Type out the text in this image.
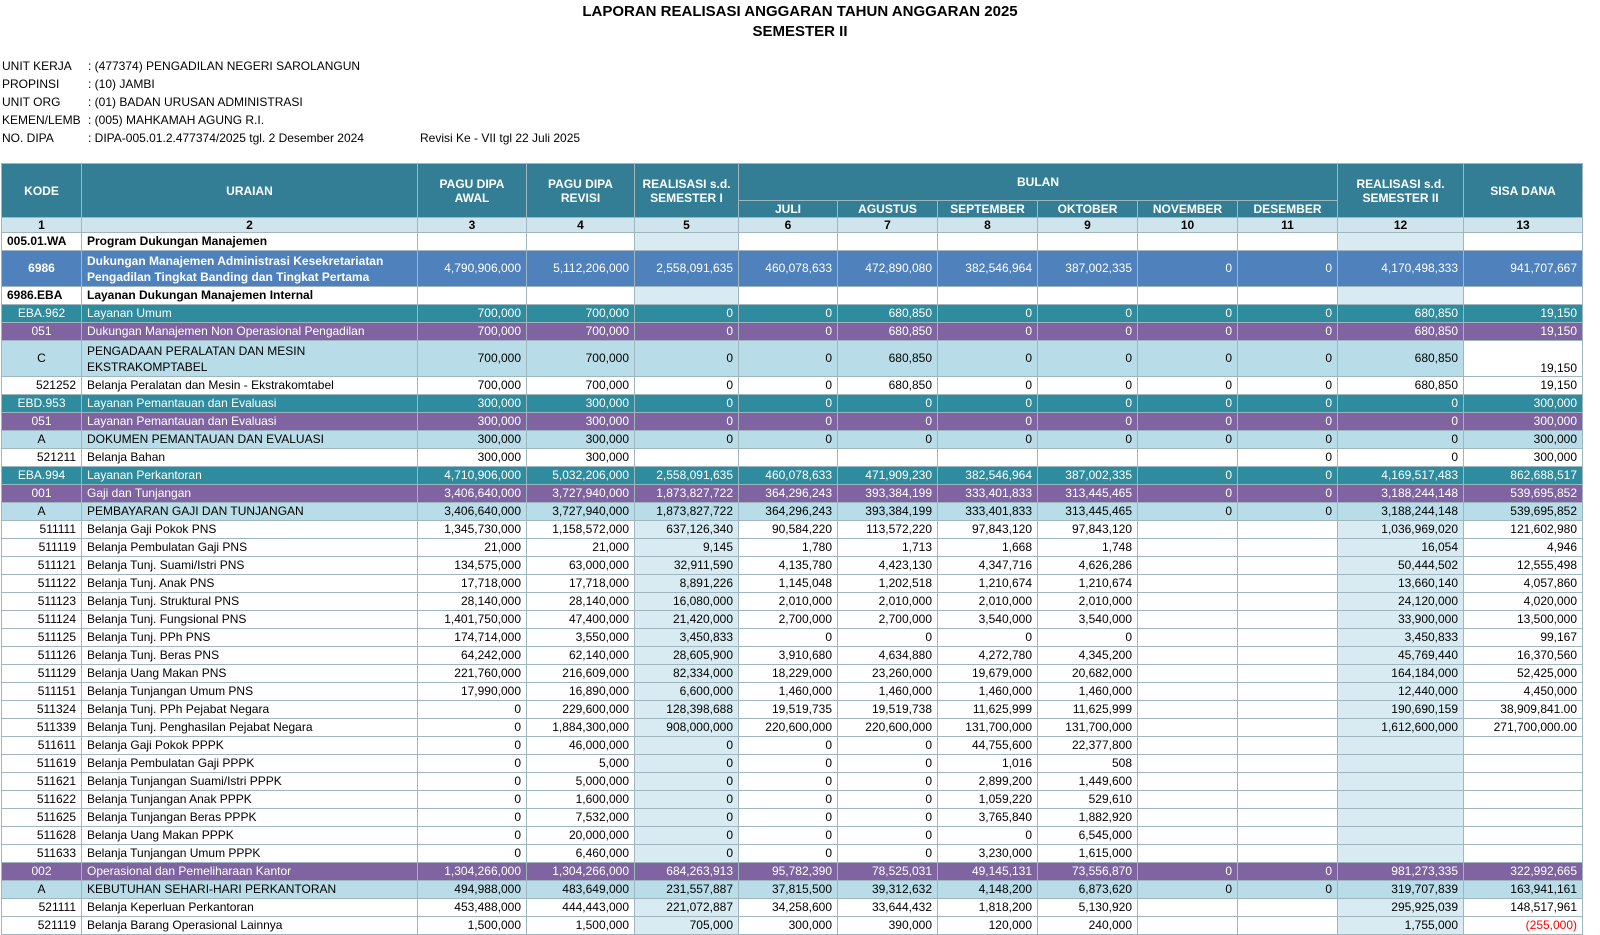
LAPORAN REALISASI ANGGARAN TAHUN ANGGARAN 2025
SEMESTER II
UNIT KERJA	: (477374) PENGADILAN NEGERI SAROLANGUN
PROPINSI	: (10) JAMBI
UNIT ORG	: (01) BADAN URUSAN ADMINISTRASI
KEMEN/LEMB : (005) MAHKAMAH AGUNG R.I.
NO. DIPA	: DIPA-005.01.2.477374/2025 tgl. 2 Desember 2024	Revisi Ke - VII tgl 22 Juli 2025
KODE	URAIAN	PAGU DIPA AWAL	PAGU DIPA REVISI	REALISASI s.d. SEMESTER I	BULAN						REALISASI s.d. SEMESTER II	SISA DANA
					JULI	AGUSTUS	SEPTEMBER	OKTOBER	NOVEMBER	DESEMBER		
1	2	3	4	5	6	7	8	9	10	11	12	13
005.01.WA	Program Dukungan Manajemen											
6986	Dukungan Manajemen Administrasi Kesekretariatan Pengadilan Tingkat Banding dan Tingkat Pertama	4,790,906,000	5,112,206,000	2,558,091,635	460,078,633	472,890,080	382,546,964	387,002,335	0	0	4,170,498,333	941,707,667
6986.EBA	Layanan Dukungan Manajemen Internal											
EBA.962	Layanan Umum	700,000	700,000	0	0	680,850	0	0	0	0	680,850	19,150
051	Dukungan Manajemen Non Operasional Pengadilan	700,000	700,000	0	0	680,850	0	0	0	0	680,850	19,150
C	PENGADAAN PERALATAN DAN MESIN EKSTRAKOMPTABEL	700,000	700,000	0	0	680,850	0	0	0	0	680,850	19,150
521252	Belanja Peralatan dan Mesin - Ekstrakomtabel	700,000	700,000	0	0	680,850	0	0	0	0	680,850	19,150
EBD.953	Layanan Pemantauan dan Evaluasi	300,000	300,000	0	0	0	0	0	0	0	0	300,000
051	Layanan Pemantauan dan Evaluasi	300,000	300,000	0	0	0	0	0	0	0	0	300,000
A	DOKUMEN PEMANTAUAN DAN EVALUASI	300,000	300,000	0	0	0	0	0	0	0	0	300,000
521211	Belanja Bahan	300,000	300,000							0	0	300,000
EBA.994	Layanan Perkantoran	4,710,906,000	5,032,206,000	2,558,091,635	460,078,633	471,909,230	382,546,964	387,002,335	0	0	4,169,517,483	862,688,517
001	Gaji dan Tunjangan	3,406,640,000	3,727,940,000	1,873,827,722	364,296,243	393,384,199	333,401,833	313,445,465	0	0	3,188,244,148	539,695,852
A	PEMBAYARAN GAJI DAN TUNJANGAN	3,406,640,000	3,727,940,000	1,873,827,722	364,296,243	393,384,199	333,401,833	313,445,465	0	0	3,188,244,148	539,695,852
511111	Belanja Gaji Pokok PNS	1,345,730,000	1,158,572,000	637,126,340	90,584,220	113,572,220	97,843,120	97,843,120			1,036,969,020	121,602,980
511119	Belanja Pembulatan Gaji PNS	21,000	21,000	9,145	1,780	1,713	1,668	1,748			16,054	4,946
511121	Belanja Tunj. Suami/Istri PNS	134,575,000	63,000,000	32,911,590	4,135,780	4,423,130	4,347,716	4,626,286			50,444,502	12,555,498
511122	Belanja Tunj. Anak PNS	17,718,000	17,718,000	8,891,226	1,145,048	1,202,518	1,210,674	1,210,674			13,660,140	4,057,860
511123	Belanja Tunj. Struktural PNS	28,140,000	28,140,000	16,080,000	2,010,000	2,010,000	2,010,000	2,010,000			24,120,000	4,020,000
511124	Belanja Tunj. Fungsional PNS	1,401,750,000	47,400,000	21,420,000	2,700,000	2,700,000	3,540,000	3,540,000			33,900,000	13,500,000
511125	Belanja Tunj. PPh PNS	174,714,000	3,550,000	3,450,833	0	0	0	0			3,450,833	99,167
511126	Belanja Tunj. Beras PNS	64,242,000	62,140,000	28,605,900	3,910,680	4,634,880	4,272,780	4,345,200			45,769,440	16,370,560
511129	Belanja Uang Makan PNS	221,760,000	216,609,000	82,334,000	18,229,000	23,260,000	19,679,000	20,682,000			164,184,000	52,425,000
511151	Belanja Tunjangan Umum PNS	17,990,000	16,890,000	6,600,000	1,460,000	1,460,000	1,460,000	1,460,000			12,440,000	4,450,000
511324	Belanja Tunj. PPh Pejabat Negara	0	229,600,000	128,398,688	19,519,735	19,519,738	11,625,999	11,625,999			190,690,159	38,909,841.00
511339	Belanja Tunj. Penghasilan Pejabat Negara	0	1,884,300,000	908,000,000	220,600,000	220,600,000	131,700,000	131,700,000			1,612,600,000	271,700,000.00
511611	Belanja Gaji Pokok PPPK	0	46,000,000	0	0	0	44,755,600	22,377,800				
511619	Belanja Pembulatan Gaji PPPK	0	5,000	0	0	0	1,016	508				
511621	Belanja Tunjangan Suami/Istri PPPK	0	5,000,000	0	0	0	2,899,200	1,449,600				
511622	Belanja Tunjangan Anak PPPK	0	1,600,000	0	0	0	1,059,220	529,610				
511625	Belanja Tunjangan Beras PPPK	0	7,532,000	0	0	0	3,765,840	1,882,920				
511628	Belanja Uang Makan PPPK	0	20,000,000	0	0	0	0	6,545,000				
511633	Belanja Tunjangan Umum PPPK	0	6,460,000	0	0	0	3,230,000	1,615,000				
002	Operasional dan Pemeliharaan Kantor	1,304,266,000	1,304,266,000	684,263,913	95,782,390	78,525,031	49,145,131	73,556,870	0	0	981,273,335	322,992,665
A	KEBUTUHAN SEHARI-HARI PERKANTORAN	494,988,000	483,649,000	231,557,887	37,815,500	39,312,632	4,148,200	6,873,620	0	0	319,707,839	163,941,161
521111	Belanja Keperluan Perkantoran	453,488,000	444,443,000	221,072,887	34,258,600	33,644,432	1,818,200	5,130,920			295,925,039	148,517,961
521119	Belanja Barang Operasional Lainnya	1,500,000	1,500,000	705,000	300,000	390,000	120,000	240,000			1,755,000	(255,000)
